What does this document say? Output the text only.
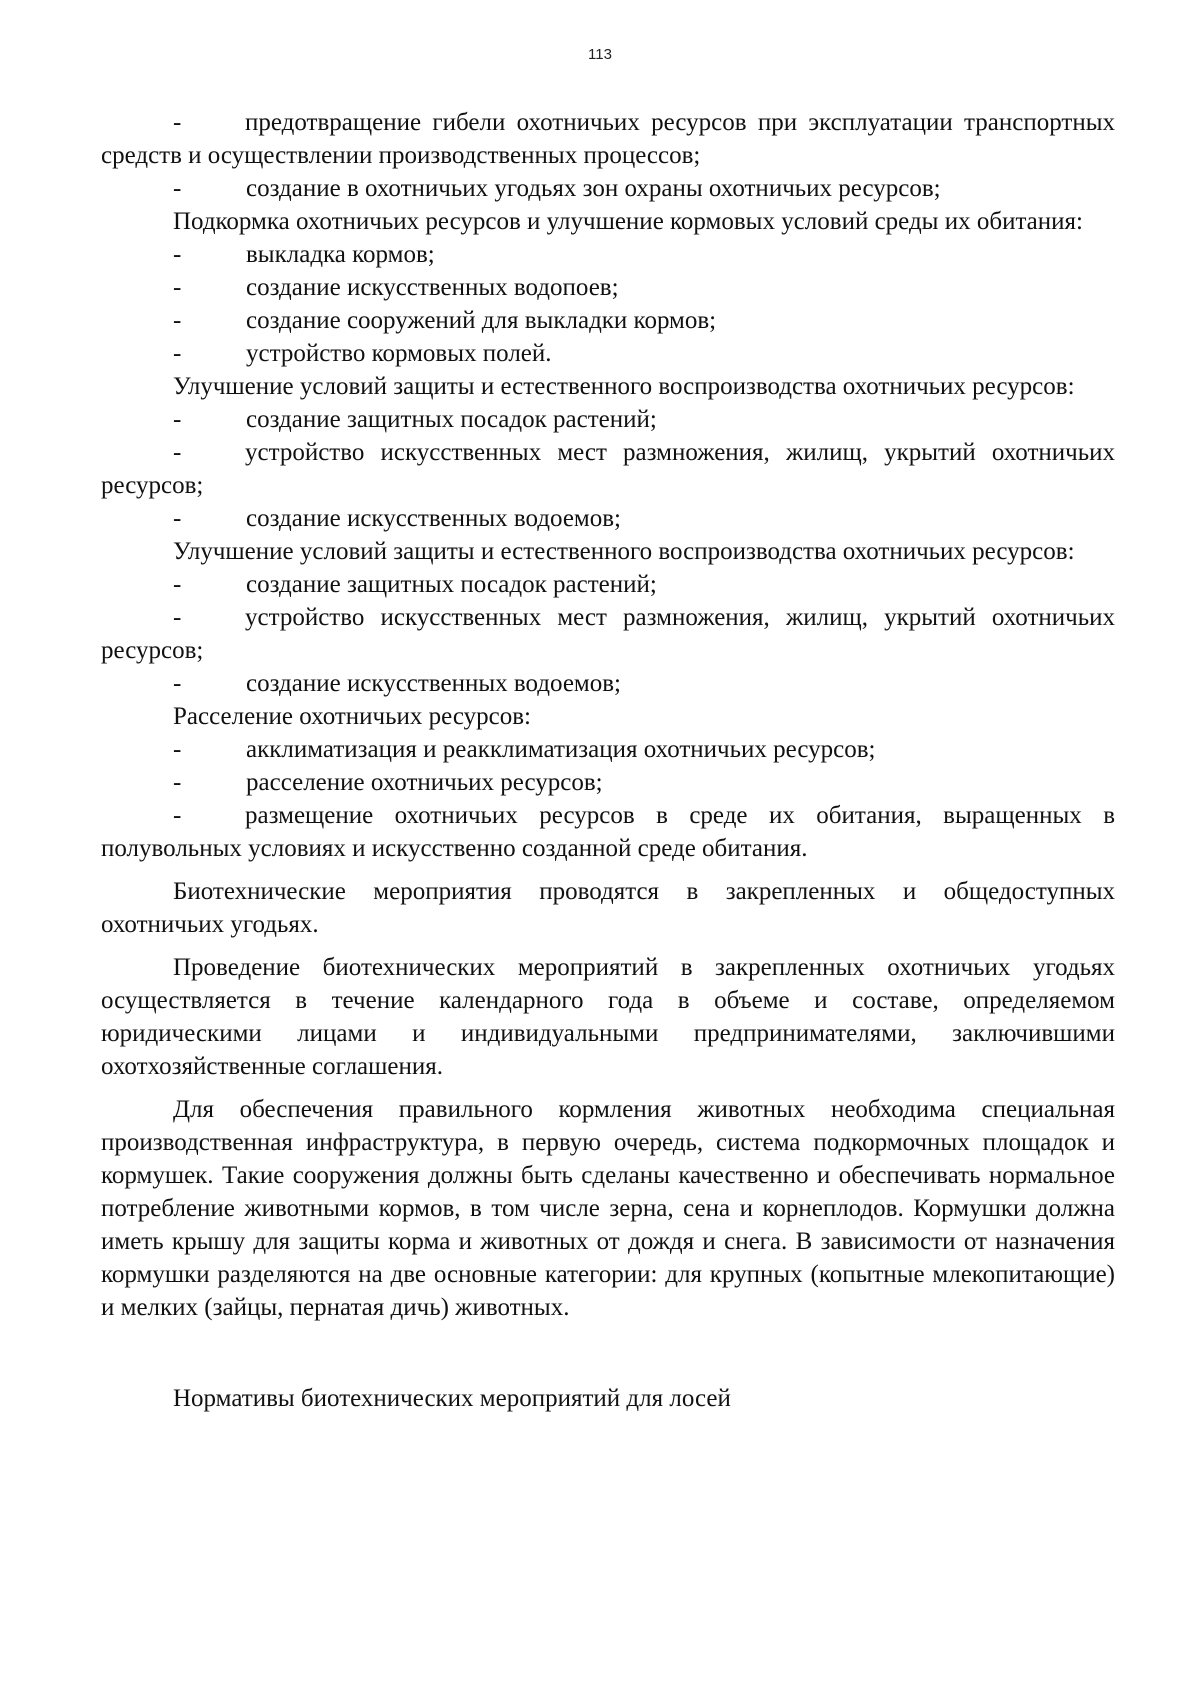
113

-	предотвращение гибели охотничьих ресурсов при эксплуатации транспортных средств и осуществлении производственных процессов;

-	создание в охотничьих угодьях зон охраны охотничьих ресурсов;

Подкормка охотничьих ресурсов и улучшение кормовых условий среды их обитания:

-	выкладка кормов;

-	создание искусственных водопоев;

-	создание сооружений для выкладки кормов;

-	устройство кормовых полей.

Улучшение условий защиты и естественного воспроизводства охотничьих ресурсов:

-	создание защитных посадок растений;

-	устройство искусственных мест размножения, жилищ, укрытий охотничьих ресурсов;

-	создание искусственных водоемов;

Улучшение условий защиты и естественного воспроизводства охотничьих ресурсов:

-	создание защитных посадок растений;

-	устройство искусственных мест размножения, жилищ, укрытий охотничьих ресурсов;

-	создание искусственных водоемов;

Расселение охотничьих ресурсов:

-	акклиматизация и реакклиматизация охотничьих ресурсов;

-	расселение охотничьих ресурсов;

-	размещение охотничьих ресурсов в среде их обитания, выращенных в полувольных условиях и искусственно созданной среде обитания.

Биотехнические мероприятия проводятся в закрепленных и общедоступных охотничьих угодьях.

Проведение биотехнических мероприятий в закрепленных охотничьих угодьях осуществляется в течение календарного года в объеме и составе, определяемом юридическими лицами и индивидуальными предпринимателями, заключившими охотхозяйственные соглашения.

Для обеспечения правильного кормления животных необходима специальная производственная инфраструктура, в первую очередь, система подкормочных площадок и кормушек. Такие сооружения должны быть сделаны качественно и обеспечивать нормальное потребление животными кормов, в том числе зерна, сена и корнеплодов. Кормушки должна иметь крышу для защиты корма и животных от дождя и снега. В зависимости от назначения кормушки разделяются на две основные категории: для крупных (копытные млекопитающие) и мелких (зайцы, пернатая дичь) животных.

Нормативы биотехнических мероприятий для лосей
